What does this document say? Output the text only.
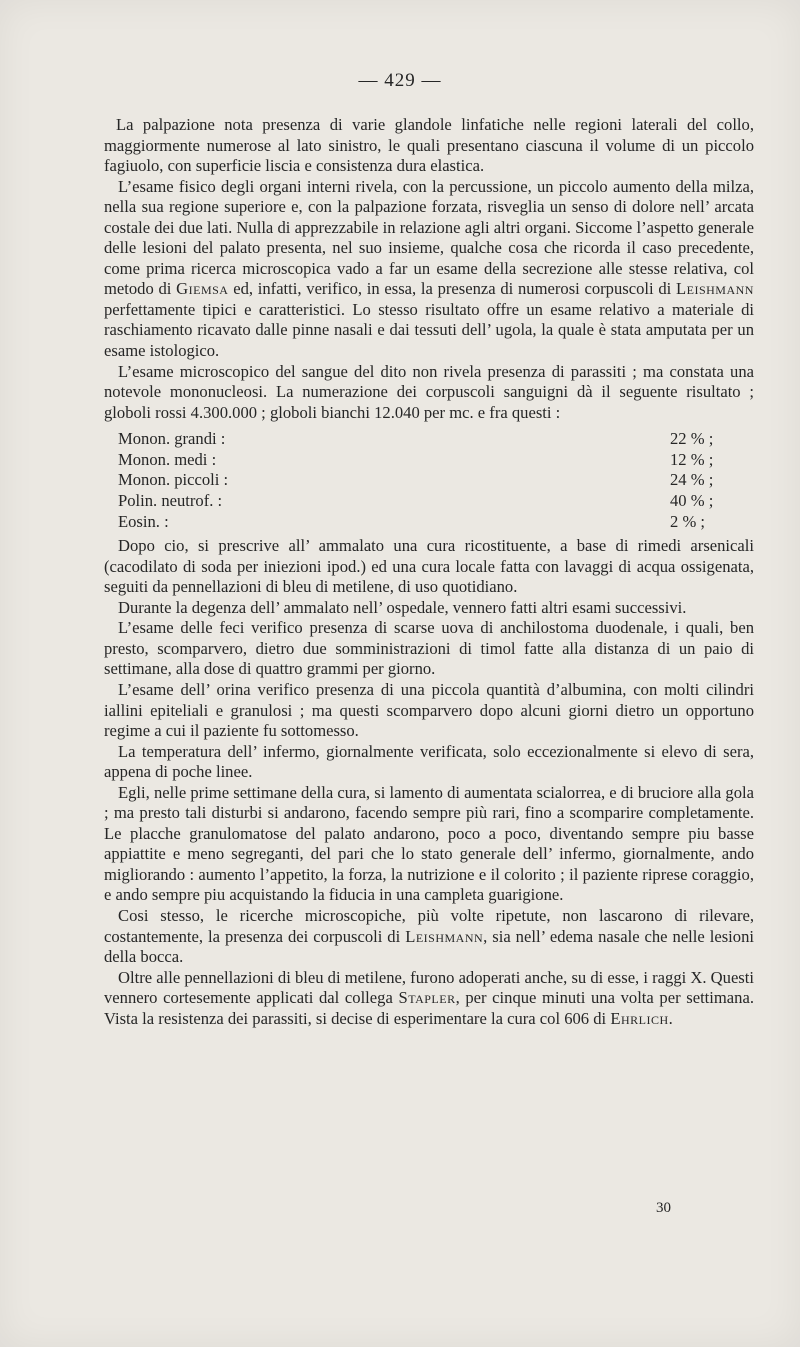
— 429 —

La palpazione nota presenza di varie glandole linfatiche nelle regioni laterali del collo, maggiormente numerose al lato sinistro, le quali presentano ciascuna il volume di un piccolo fagiuolo, con superficie liscia e consistenza dura elastica.

L’esame fisico degli organi interni rivela, con la percussione, un piccolo aumento della milza, nella sua regione superiore e, con la palpazione forzata, risveglia un senso di dolore nell’ arcata costale dei due lati. Nulla di apprezzabile in relazione agli altri organi. Siccome l’aspetto generale delle lesioni del palato presenta, nel suo insieme, qualche cosa che ricorda il caso precedente, come prima ricerca microscopica vado a far un esame della secrezione alle stesse relativa, col metodo di Giemsa ed, infatti, verifico, in essa, la presenza di numerosi corpuscoli di Leishmann perfettamente tipici e caratteristici. Lo stesso risultato offre un esame relativo a materiale di raschiamento ricavato dalle pinne nasali e dai tessuti dell’ ugola, la quale è stata amputata per un esame istologico.

L’esame microscopico del sangue del dito non rivela presenza di parassiti ; ma constata una notevole mononucleosi. La numerazione dei corpuscoli sanguigni dà il seguente risultato ; globoli rossi 4.300.000 ; globoli bianchi 12.040 per mc. e fra questi :

Monon. grandi :	22 % ;
Monon. medi :	12 % ;
Monon. piccoli :	24 % ;
Polin. neutrof. :	40 % ;
Eosin. :	2 % ;

Dopo cio, si prescrive all’ ammalato una cura ricostituente, a base di rimedi arsenicali (cacodilato di soda per iniezioni ipod.) ed una cura locale fatta con lavaggi di acqua ossigenata, seguiti da pennellazioni di bleu di metilene, di uso quotidiano.

Durante la degenza dell’ ammalato nell’ ospedale, vennero fatti altri esami successivi.

L’esame delle feci verifico presenza di scarse uova di anchilostoma duodenale, i quali, ben presto, scomparvero, dietro due somministrazioni di timol fatte alla distanza di un paio di settimane, alla dose di quattro grammi per giorno.

L’esame dell’ orina verifico presenza di una piccola quantità d’albumina, con molti cilindri iallini epiteliali e granulosi ; ma questi scomparvero dopo alcuni giorni dietro un opportuno regime a cui il paziente fu sottomesso.

La temperatura dell’ infermo, giornalmente verificata, solo eccezionalmente si elevo di sera, appena di poche linee.

Egli, nelle prime settimane della cura, si lamento di aumentata scialorrea, e di bruciore alla gola ; ma presto tali disturbi si andarono, facendo sempre più rari, fino a scomparire completamente. Le placche granulomatose del palato andarono, poco a poco, diventando sempre piu basse appiattite e meno segreganti, del pari che lo stato generale dell’ infermo, giornalmente, ando migliorando : aumento l’appetito, la forza, la nutrizione e il colorito ; il paziente riprese coraggio, e ando sempre piu acquistando la fiducia in una campleta guarigione.

Cosi stesso, le ricerche microscopiche, più volte ripetute, non lascarono di rilevare, costantemente, la presenza dei corpuscoli di Leishmann, sia nell’ edema nasale che nelle lesioni della bocca.

Oltre alle pennellazioni di bleu di metilene, furono adoperati anche, su di esse, i raggi X. Questi vennero cortesemente applicati dal collega Stapler, per cinque minuti una volta per settimana. Vista la resistenza dei parassiti, si decise di esperimentare la cura col 606 di Ehrlich.

30
